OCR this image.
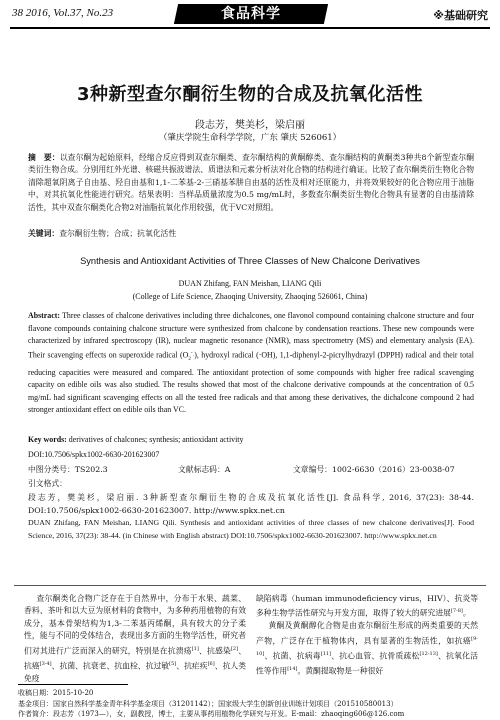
38 2016, Vol.37, No.23	食品科学	※基础研究
3种新型查尔酮衍生物的合成及抗氧化活性
段志芳，樊美杉，梁启丽
（肇庆学院生命科学学院，广东 肇庆 526061）
摘　要：以查尔酮为起始原料，经缩合反应得到双查尔酮类、查尔酮结构的黄酮醇类、查尔酮结构的黄酮类3种共8个新型查尔酮类衍生物合成。分别用红外光谱、核磁共振波谱法、质谱法和元素分析法对化合物的结构进行确证。比较了查尔酮类衍生物化合物清除超氧阴离子自由基、羟自由基和1,1-二苯基-2-三硝基苯肼自由基的活性及相对还原能力，并将效果较好的化合物应用于油脂中，对其抗氧化性能进行研究。结果表明：当样品质量浓度为0.5 mg/mL时，多数查尔酮类衍生物化合物具有显著的自由基清除活性，其中双查尔酮类化合物2对油脂抗氧化作用较强，优于VC对照组。
关键词：查尔酮衍生物；合成；抗氧化活性
Synthesis and Antioxidant Activities of Three Classes of New Chalcone Derivatives
DUAN Zhifang, FAN Meishan, LIANG Qili
(College of Life Science, Zhaoqing University, Zhaoqing 526061, China)
Abstract: Three classes of chalcone derivatives including three dichalcones, one flavonol compound containing chalcone structure and four flavone compounds containing chalcone structure were synthesized from chalcone by condensation reactions. These new compounds were characterized by infrared spectroscopy (IR), nuclear magnetic resonance (NMR), mass spectrometry (MS) and elementary analysis (EA). Their scavenging effects on superoxide radical $(O_2^-\cdot)$, hydroxyl radical (·OH), 1,1-diphenyl-2-picrylhydrazyl (DPPH) radical and their total reducing capacities were measured and compared. The antioxidant protection of some compounds with higher free radical scavenging capacity on edible oils was also studied. The results showed that most of the chalcone derivative compounds at the concentration of 0.5 mg/mL had significant scavenging effects on all the tested free radicals and that among these derivatives, the dichalcone compound 2 had stronger antioxidant effect on edible oils than VC.
Key words: derivatives of chalcones; synthesis; antioxidant activity
DOI:10.7506/spkx1002-6630-201623007
中图分类号：TS202.3	文献标志码：A	文章编号：1002-6630（2016）23-0038-07
引文格式：
段志芳，樊美杉，梁启丽. 3种新型查尔酮衍生物的合成及抗氧化活性[J]. 食品科学, 2016, 37(23): 38-44. DOI:10.7506/spkx1002-6630-201623007. http://www.spkx.net.cn
DUAN Zhifang, FAN Meishan, LIANG Qili. Synthesis and antioxidant activities of three classes of new chalcone derivatives[J]. Food Science, 2016, 37(23): 38-44. (in Chinese with English abstract) DOI:10.7506/spkx1002-6630-201623007. http://www.spkx.net.cn
查尔酮类化合物广泛存在于自然界中，分布于水果、蔬菜、香料、茶叶和以大豆为原材料的食物中，为多种药用植物的有效成分，基本骨架结构为1,3-二苯基丙烯酮，具有较大的分子柔性，能与不同的受体结合，表现出多方面的生物学活性，研究者们对其进行广泛而深入的研究，特别是在抗溃疡[1]、抗感染[2]、抗癌[3-4]、抗菌、抗衰老、抗血栓、抗过敏[5]、抗疟疾[6]、抗人类免疫

缺陷病毒（human immunodeficiency virus，HIV）、抗炎等多种生物学活性研究与开发方面，取得了较大的研究进展[7-8]。

黄酮及黄酮醇化合物是由查尔酮衍生形成的两类重要的天然产物，广泛存在于植物体内，具有显著的生物活性，如抗癌[9-10]、抗菌、抗病毒[11]、抗心血管、抗骨质疏松[12-13]、抗氧化活性等作用[14]。黄酮提取物是一种很好

收稿日期：2015-10-20
基金项目：国家自然科学基金青年科学基金项目（31201142）；国家级大学生创新创业训练计划项目（201510580013）
作者简介：段志芳（1973—），女，副教授，博士，主要从事药用植物化学研究与开发。E-mail：zhaoqing606@126.com
